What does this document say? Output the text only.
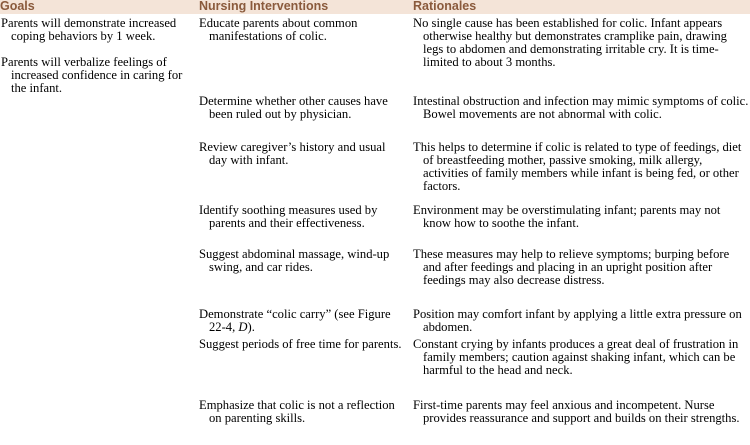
Goals	Nursing Interventions	Rationales
Parents will demonstrate increased coping behaviors by 1 week.
Parents will verbalize feelings of increased confidence in caring for the infant.
Educate parents about common manifestations of colic.
No single cause has been established for colic. Infant appears otherwise healthy but demonstrates cramplike pain, drawing legs to abdomen and demonstrating irritable cry. It is time-limited to about 3 months.
Determine whether other causes have been ruled out by physician.
Intestinal obstruction and infection may mimic symptoms of colic. Bowel movements are not abnormal with colic.
Review caregiver’s history and usual day with infant.
This helps to determine if colic is related to type of feedings, diet of breastfeeding mother, passive smoking, milk allergy, activities of family members while infant is being fed, or other factors.
Identify soothing measures used by parents and their effectiveness.
Environment may be overstimulating infant; parents may not know how to soothe the infant.
Suggest abdominal massage, wind-up swing, and car rides.
These measures may help to relieve symptoms; burping before and after feedings and placing in an upright position after feedings may also decrease distress.
Demonstrate “colic carry” (see Figure 22-4, D).
Position may comfort infant by applying a little extra pressure on abdomen.
Suggest periods of free time for parents. Constant crying by infants produces a great deal of frustration in family members; caution against shaking infant, which can be harmful to the head and neck.
Emphasize that colic is not a reflection on parenting skills.
First-time parents may feel anxious and incompetent. Nurse provides reassurance and support and builds on their strengths.
